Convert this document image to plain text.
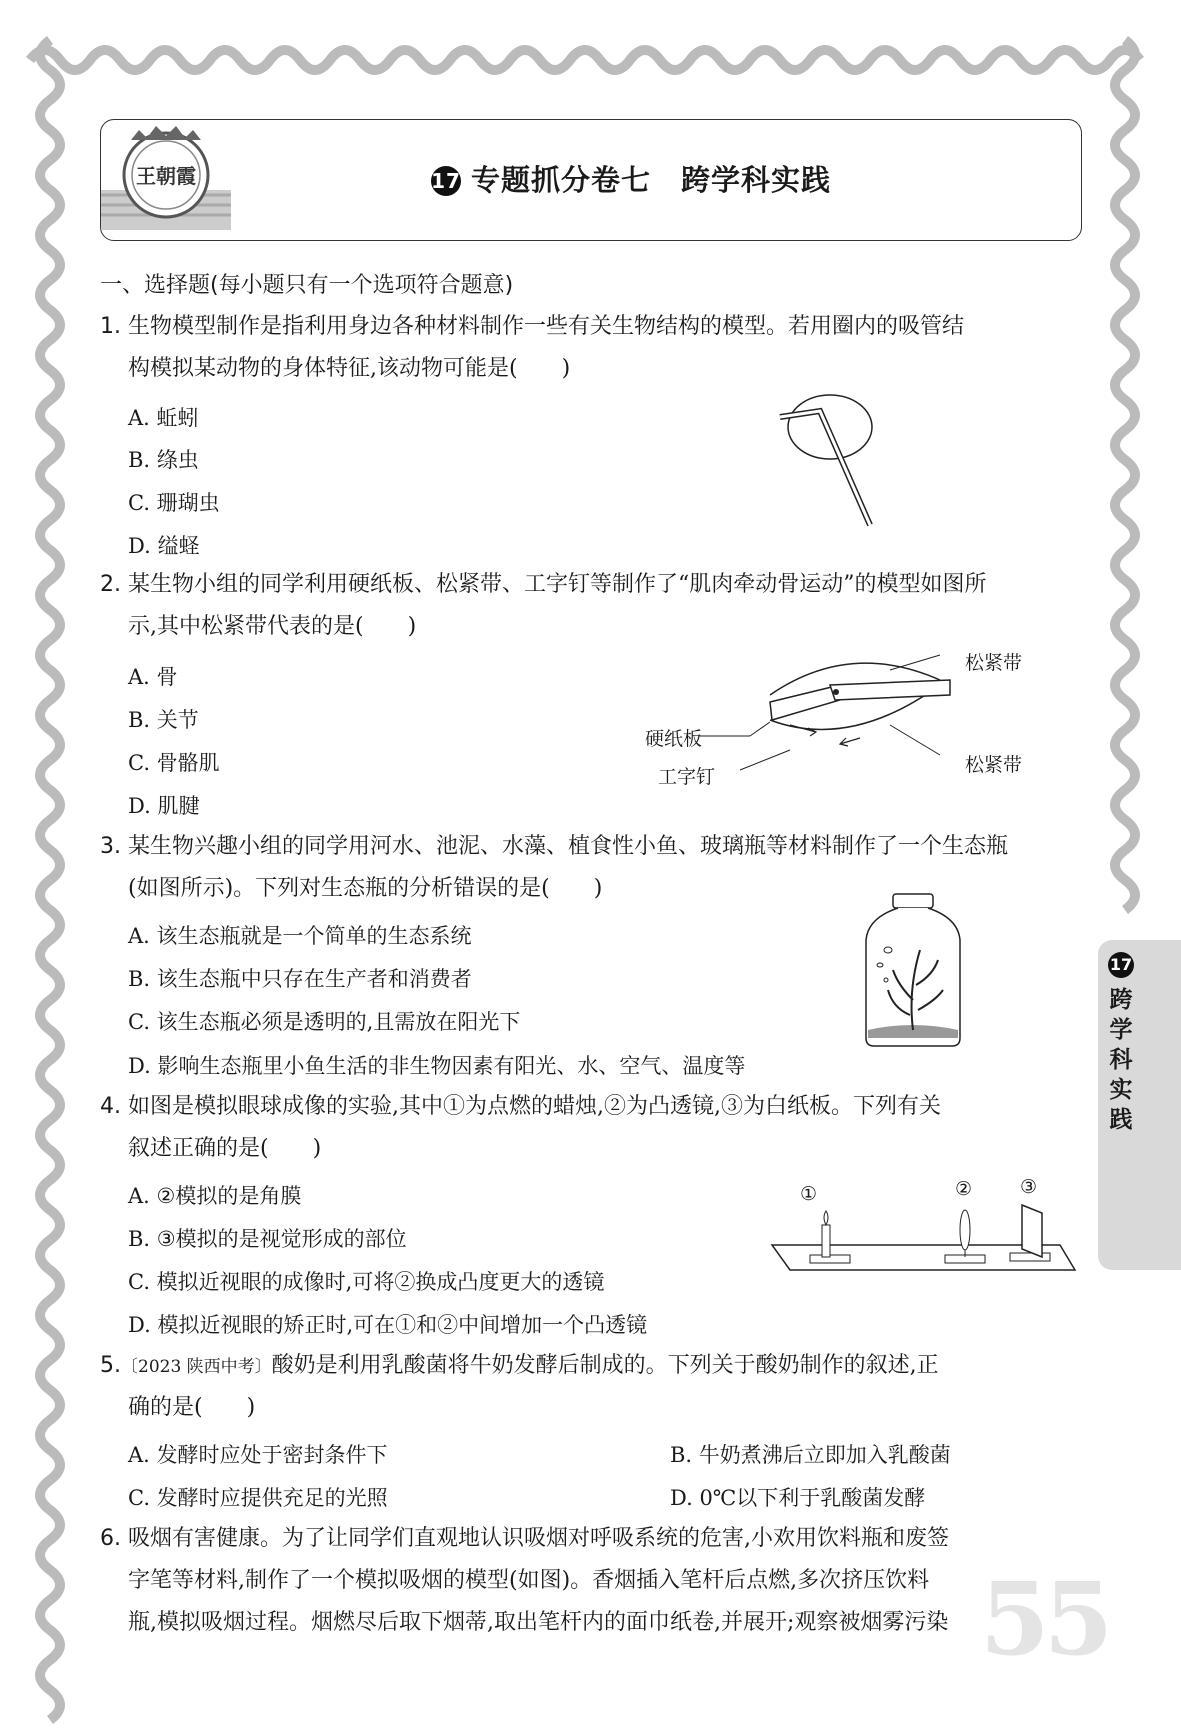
王朝霞	17 专题抓分卷七　跨学科实践
一、选择题(每小题只有一个选项符合题意)
1. 生物模型制作是指利用身边各种材料制作一些有关生物结构的模型。若用圈内的吸管结
构模拟某动物的身体特征,该动物可能是(　　)
A. 蚯蚓
B. 绦虫
C. 珊瑚虫
D. 缢蛏
2. 某生物小组的同学利用硬纸板、松紧带、工字钉等制作了“肌肉牵动骨运动”的模型如图所
示,其中松紧带代表的是(　　)
A. 骨
B. 关节
C. 骨骼肌
D. 肌腱
松紧带
硬纸板
工字钉
松紧带
3. 某生物兴趣小组的同学用河水、池泥、水藻、植食性小鱼、玻璃瓶等材料制作了一个生态瓶
(如图所示)。下列对生态瓶的分析错误的是(　　)
A. 该生态瓶就是一个简单的生态系统
B. 该生态瓶中只存在生产者和消费者
C. 该生态瓶必须是透明的,且需放在阳光下
D. 影响生态瓶里小鱼生活的非生物因素有阳光、水、空气、温度等
4. 如图是模拟眼球成像的实验,其中①为点燃的蜡烛,②为凸透镜,③为白纸板。下列有关
叙述正确的是(　　)
A. ②模拟的是角膜
B. ③模拟的是视觉形成的部位
C. 模拟近视眼的成像时,可将②换成凸度更大的透镜
D. 模拟近视眼的矫正时,可在①和②中间增加一个凸透镜
①	②	③
5.〔2023 陕西中考〕酸奶是利用乳酸菌将牛奶发酵后制成的。下列关于酸奶制作的叙述,正
确的是(　　)
A. 发酵时应处于密封条件下	B. 牛奶煮沸后立即加入乳酸菌
C. 发酵时应提供充足的光照	D. 0℃以下利于乳酸菌发酵
6. 吸烟有害健康。为了让同学们直观地认识吸烟对呼吸系统的危害,小欢用饮料瓶和废签
字笔等材料,制作了一个模拟吸烟的模型(如图)。香烟插入笔杆后点燃,多次挤压饮料
瓶,模拟吸烟过程。烟燃尽后取下烟蒂,取出笔杆内的面巾纸卷,并展开;观察被烟雾污染
17
跨学科实践
55
